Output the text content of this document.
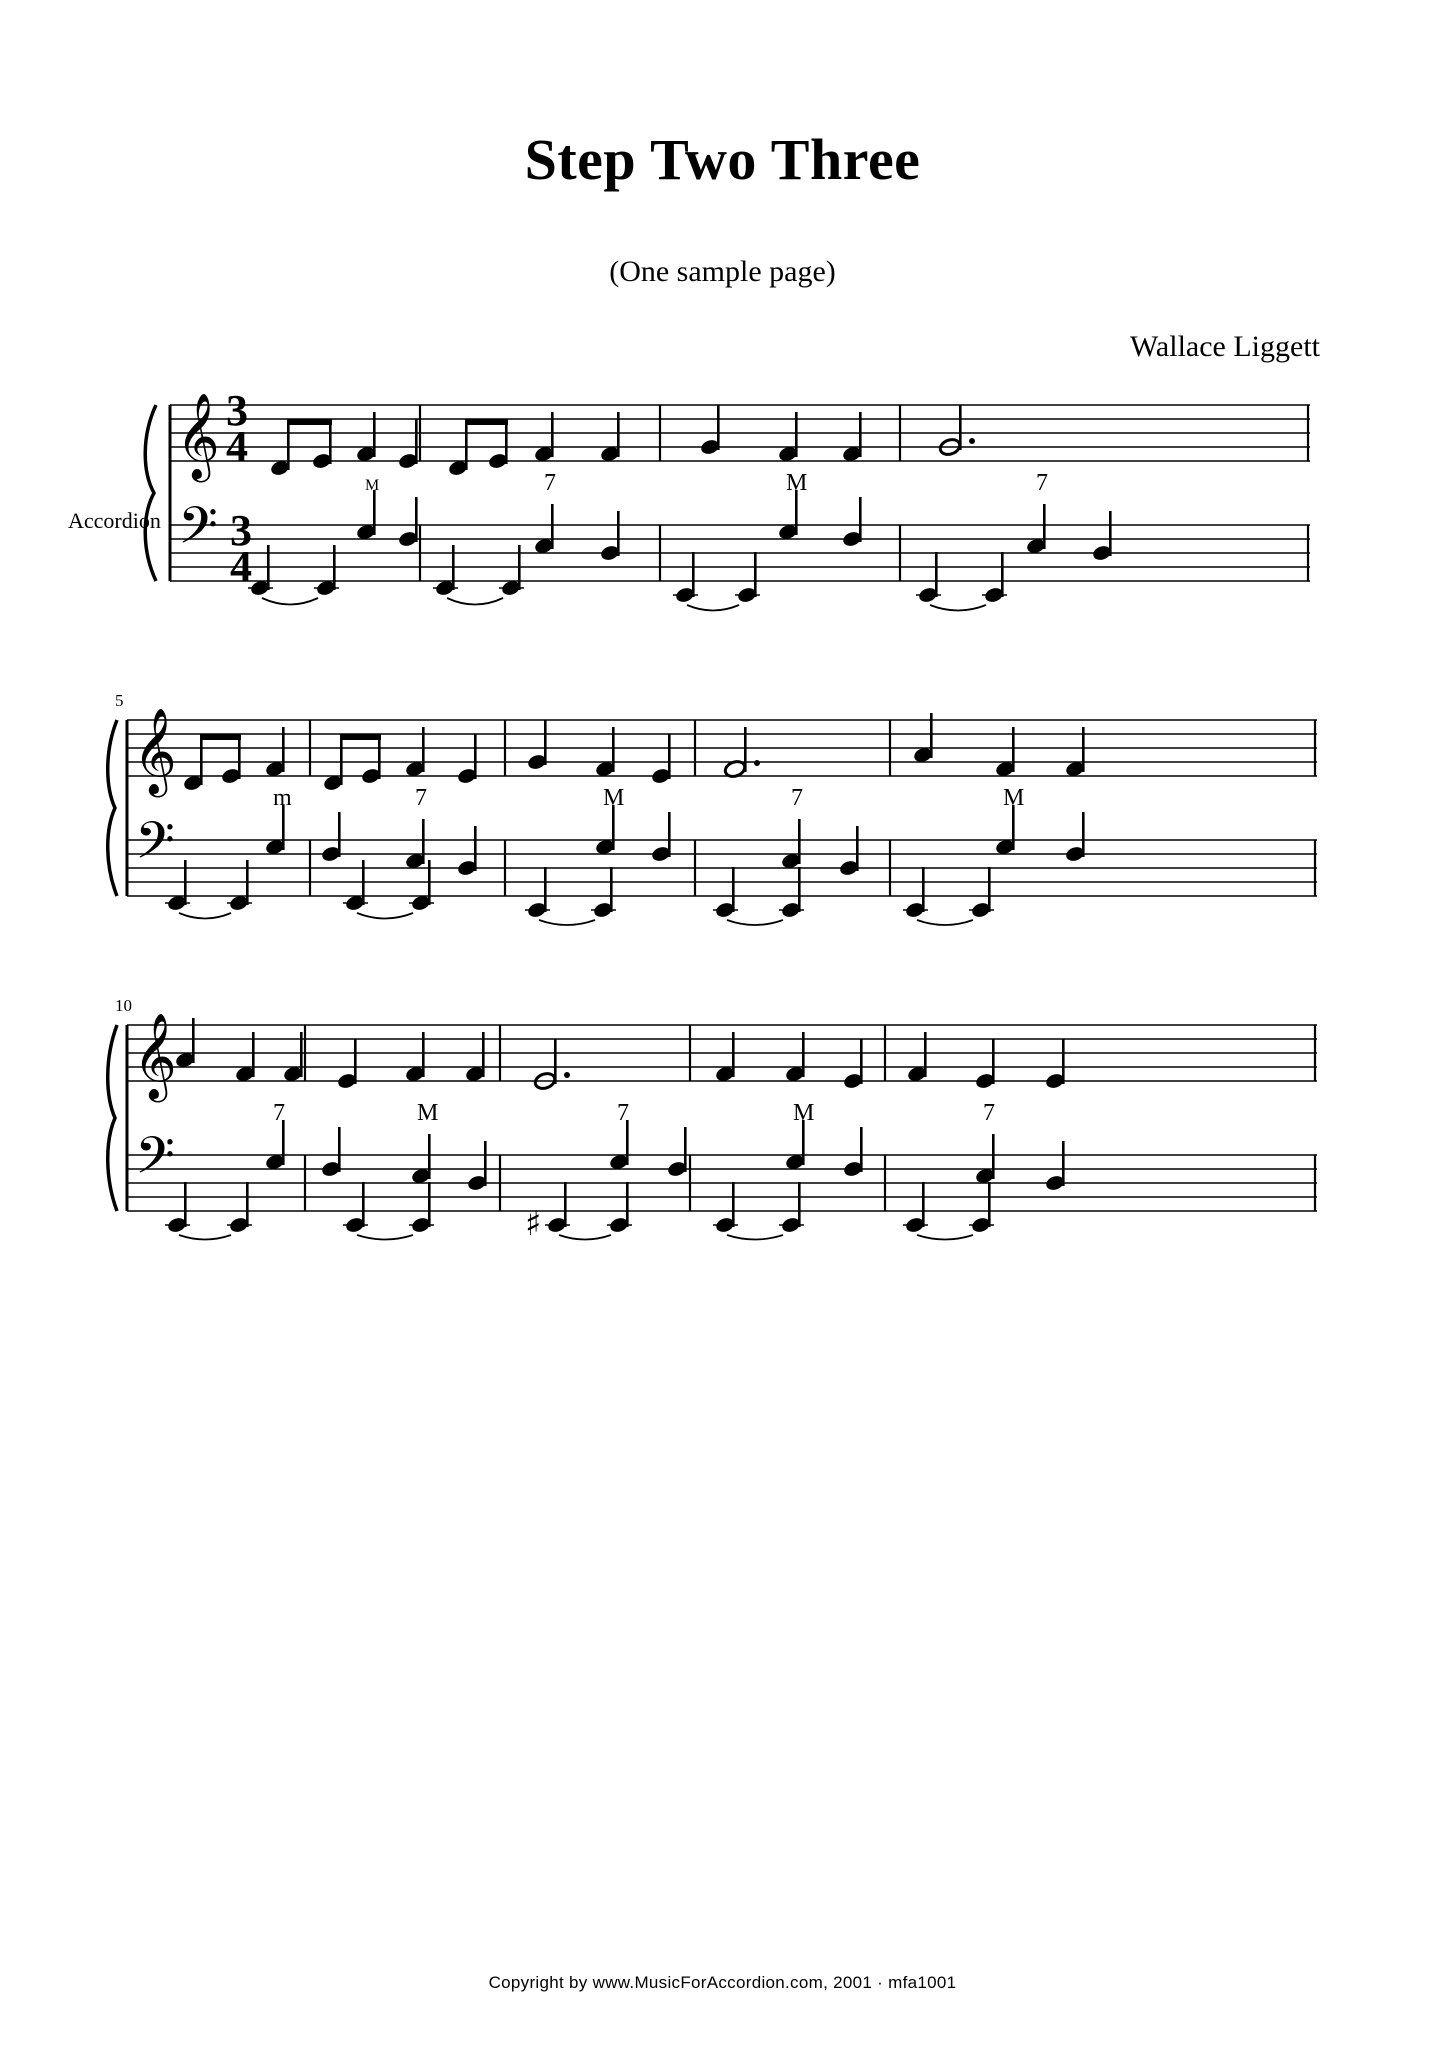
Step Two Three
(One sample page)
Wallace Liggett
Accordion
𝄞
𝄢
3
4
3
4
M	7	M	7
5
𝄞
𝄢
m	7	M	7	M
10
𝄞
𝄢
♯
7	M	7	M	7
Copyright by www.MusicForAccordion.com, 2001 · mfa1001
